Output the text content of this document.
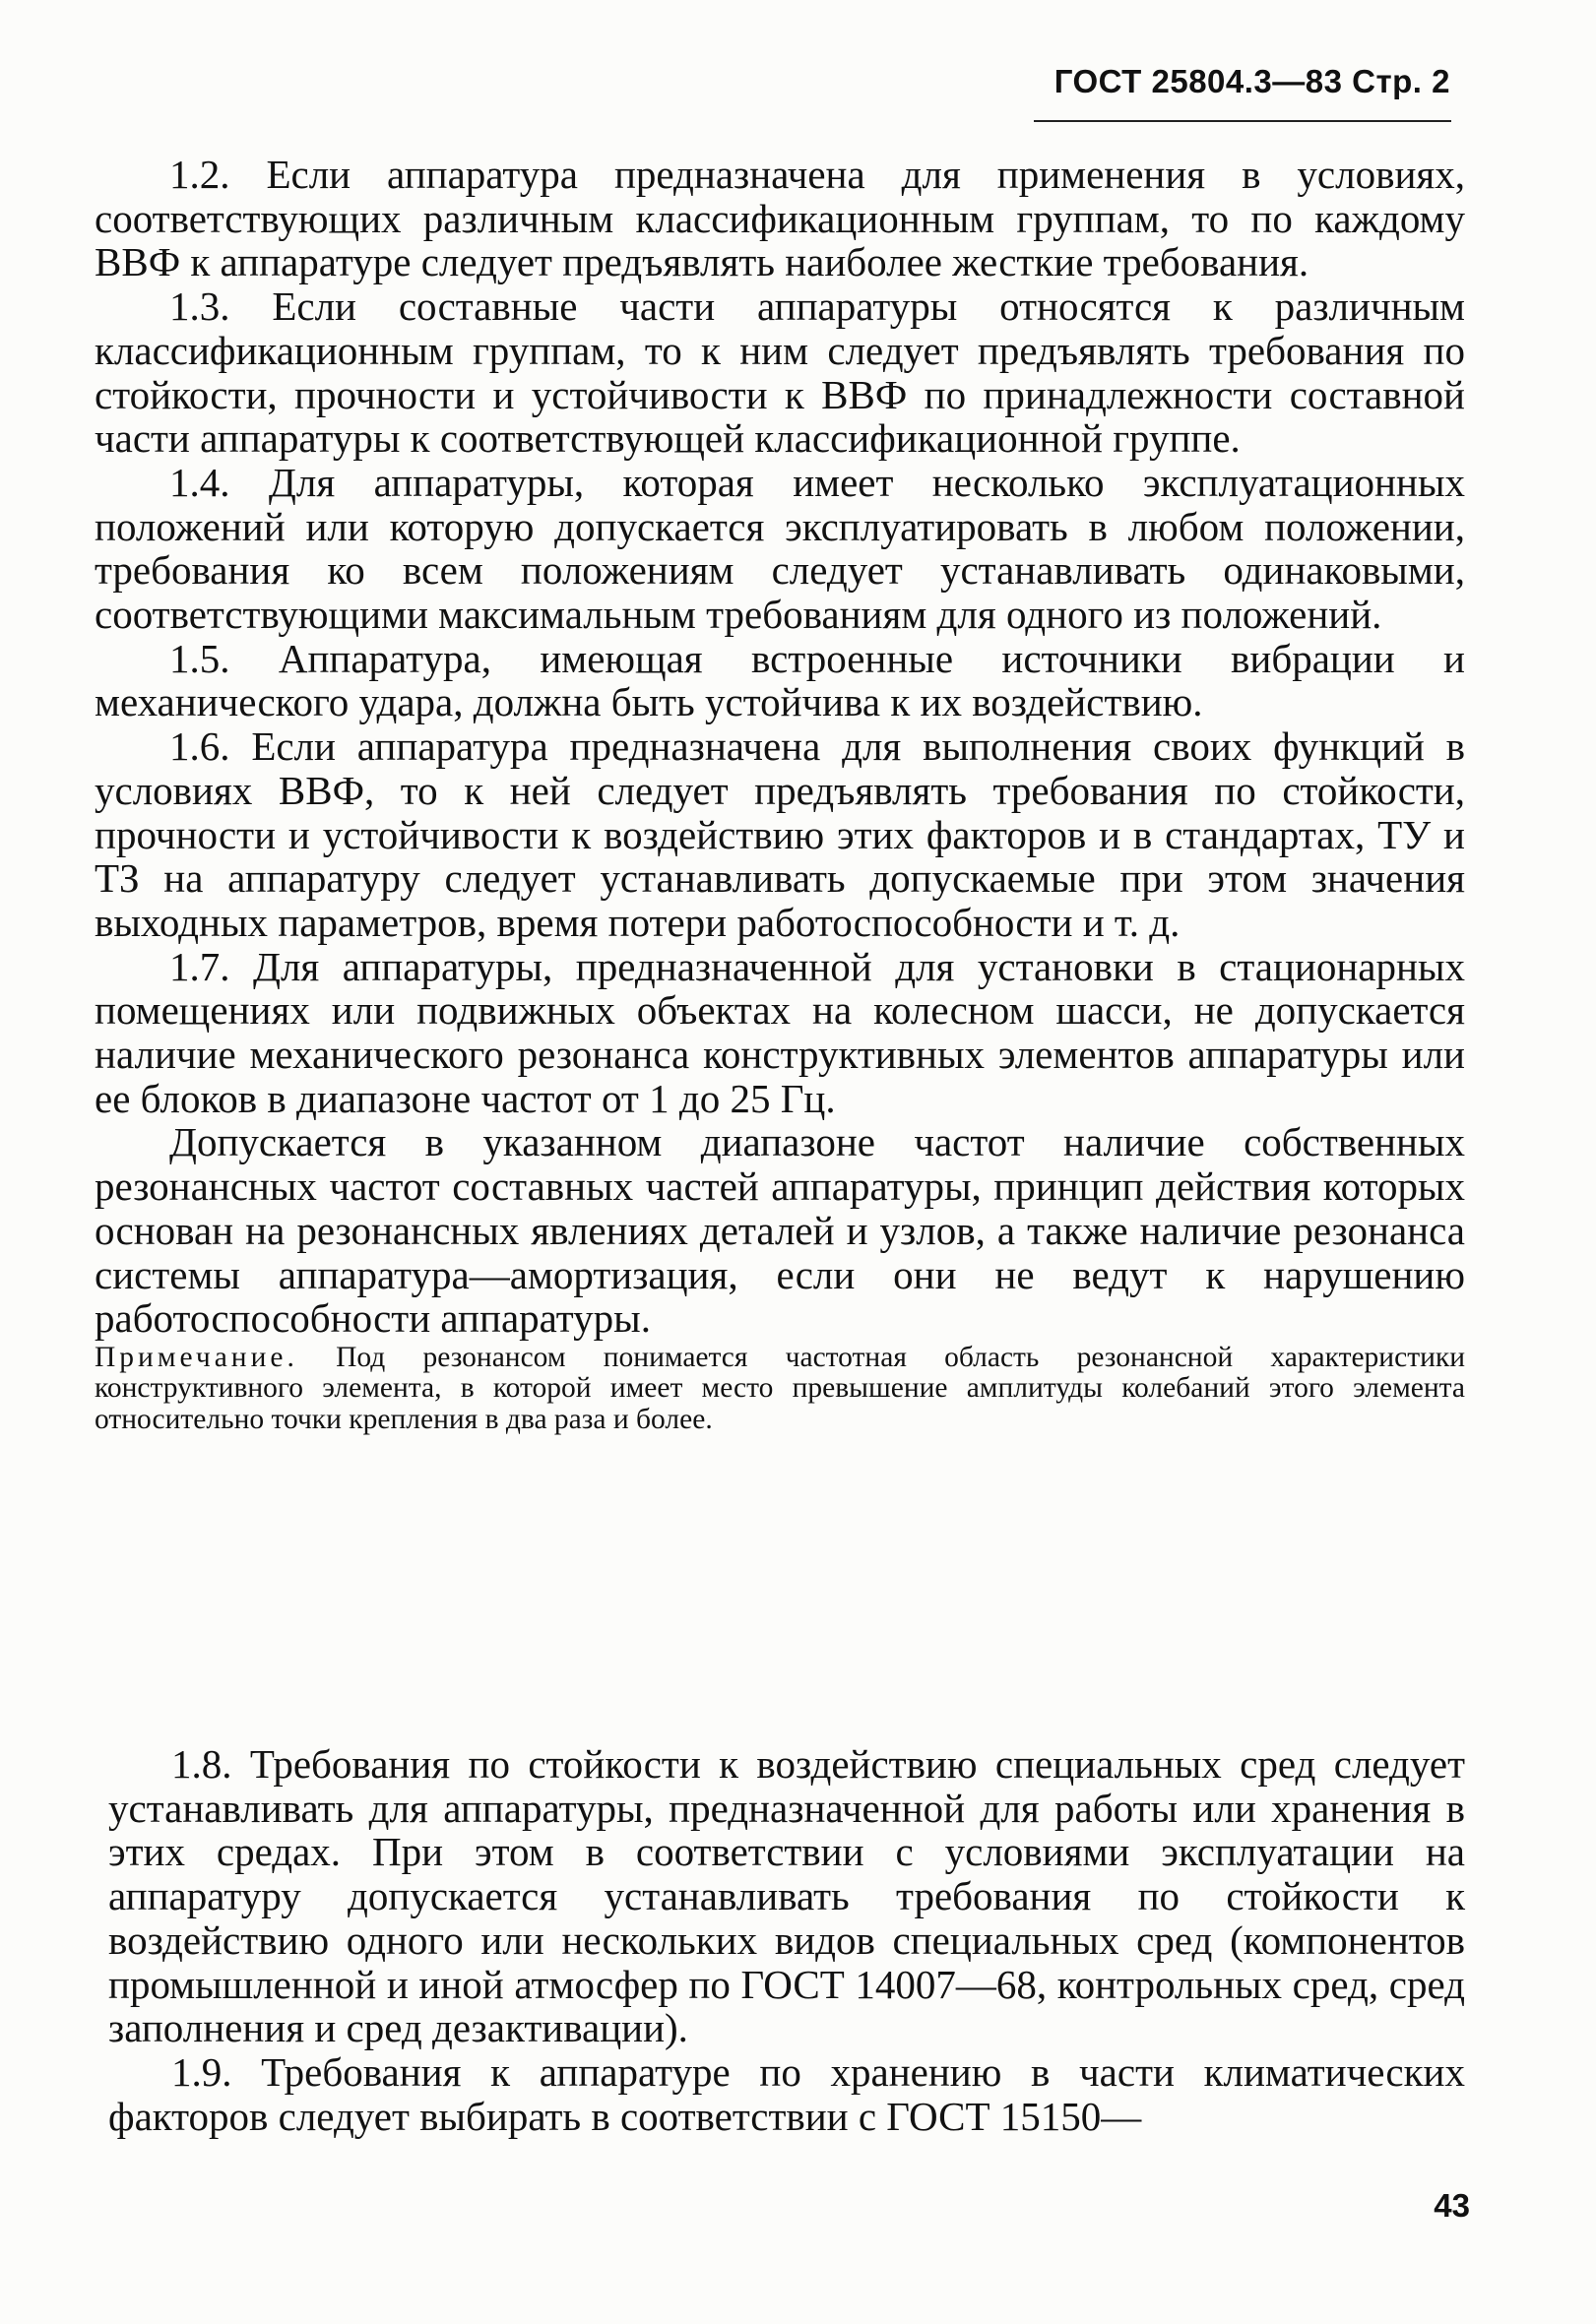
ГОСТ 25804.3—83 Стр. 2

1.2. Если аппаратура предназначена для применения в условиях, соответствующих различным классификационным группам, то по каждому ВВФ к аппаратуре следует предъявлять наиболее жесткие требования.

1.3. Если составные части аппаратуры относятся к различным классификационным группам, то к ним следует предъявлять требования по стойкости, прочности и устойчивости к ВВФ по принадлежности составной части аппаратуры к соответствующей классификационной группе.

1.4. Для аппаратуры, которая имеет несколько эксплуатационных положений или которую допускается эксплуатировать в любом положении, требования ко всем положениям следует устанавливать одинаковыми, соответствующими максимальным требованиям для одного из положений.

1.5. Аппаратура, имеющая встроенные источники вибрации и механического удара, должна быть устойчива к их воздействию.

1.6. Если аппаратура предназначена для выполнения своих функций в условиях ВВФ, то к ней следует предъявлять требования по стойкости, прочности и устойчивости к воздействию этих факторов и в стандартах, ТУ и ТЗ на аппаратуру следует устанавливать допускаемые при этом значения выходных параметров, время потери работоспособности и т. д.

1.7. Для аппаратуры, предназначенной для установки в стационарных помещениях или подвижных объектах на колесном шасси, не допускается наличие механического резонанса конструктивных элементов аппаратуры или ее блоков в диапазоне частот от 1 до 25 Гц.

Допускается в указанном диапазоне частот наличие собственных резонансных частот составных частей аппаратуры, принцип действия которых основан на резонансных явлениях деталей и узлов, а также наличие резонанса системы аппаратура—амортизация, если они не ведут к нарушению работоспособности аппаратуры.

Примечание. Под резонансом понимается частотная область резонансной характеристики конструктивного элемента, в которой имеет место превышение амплитуды колебаний этого элемента относительно точки крепления в два раза и более.

1.8. Требования по стойкости к воздействию специальных сред следует устанавливать для аппаратуры, предназначенной для работы или хранения в этих средах. При этом в соответствии с условиями эксплуатации на аппаратуру допускается устанавливать требования по стойкости к воздействию одного или нескольких видов специальных сред (компонентов промышленной и иной атмосфер по ГОСТ 14007—68, контрольных сред, сред заполнения и сред дезактивации).

1.9. Требования к аппаратуре по хранению в части климатических факторов следует выбирать в соответствии с ГОСТ 15150—

43
